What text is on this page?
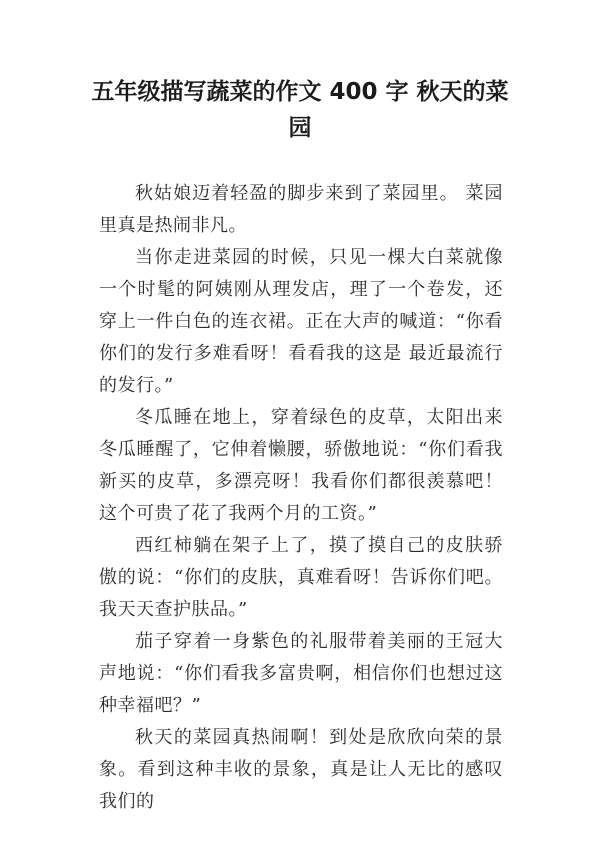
五年级描写蔬菜的作文 400 字 秋天的菜园

秋姑娘迈着轻盈的脚步来到了菜园里。 菜园里真是热闹非凡。

当你走进菜园的时候，只见一棵大白菜就像一个时髦的阿姨刚从理发店，理了一个卷发，还穿上一件白色的连衣裙。正在大声的喊道：“你看你们的发行多难看呀！看看我的这是 最近最流行的发行。”

冬瓜睡在地上，穿着绿色的皮草，太阳出来冬瓜睡醒了，它伸着懒腰，骄傲地说：“你们看我新买的皮草，多漂亮呀！我看你们都很羡慕吧！这个可贵了花了我两个月的工资。”

西红柿躺在架子上了，摸了摸自己的皮肤骄傲的说：“你们的皮肤，真难看呀！告诉你们吧。我天天查护肤品。”

茄子穿着一身紫色的礼服带着美丽的王冠大声地说：“你们看我多富贵啊，相信你们也想过这种幸福吧？”

秋天的菜园真热闹啊！到处是欣欣向荣的景象。看到这种丰收的景象，真是让人无比的感叹我们的
